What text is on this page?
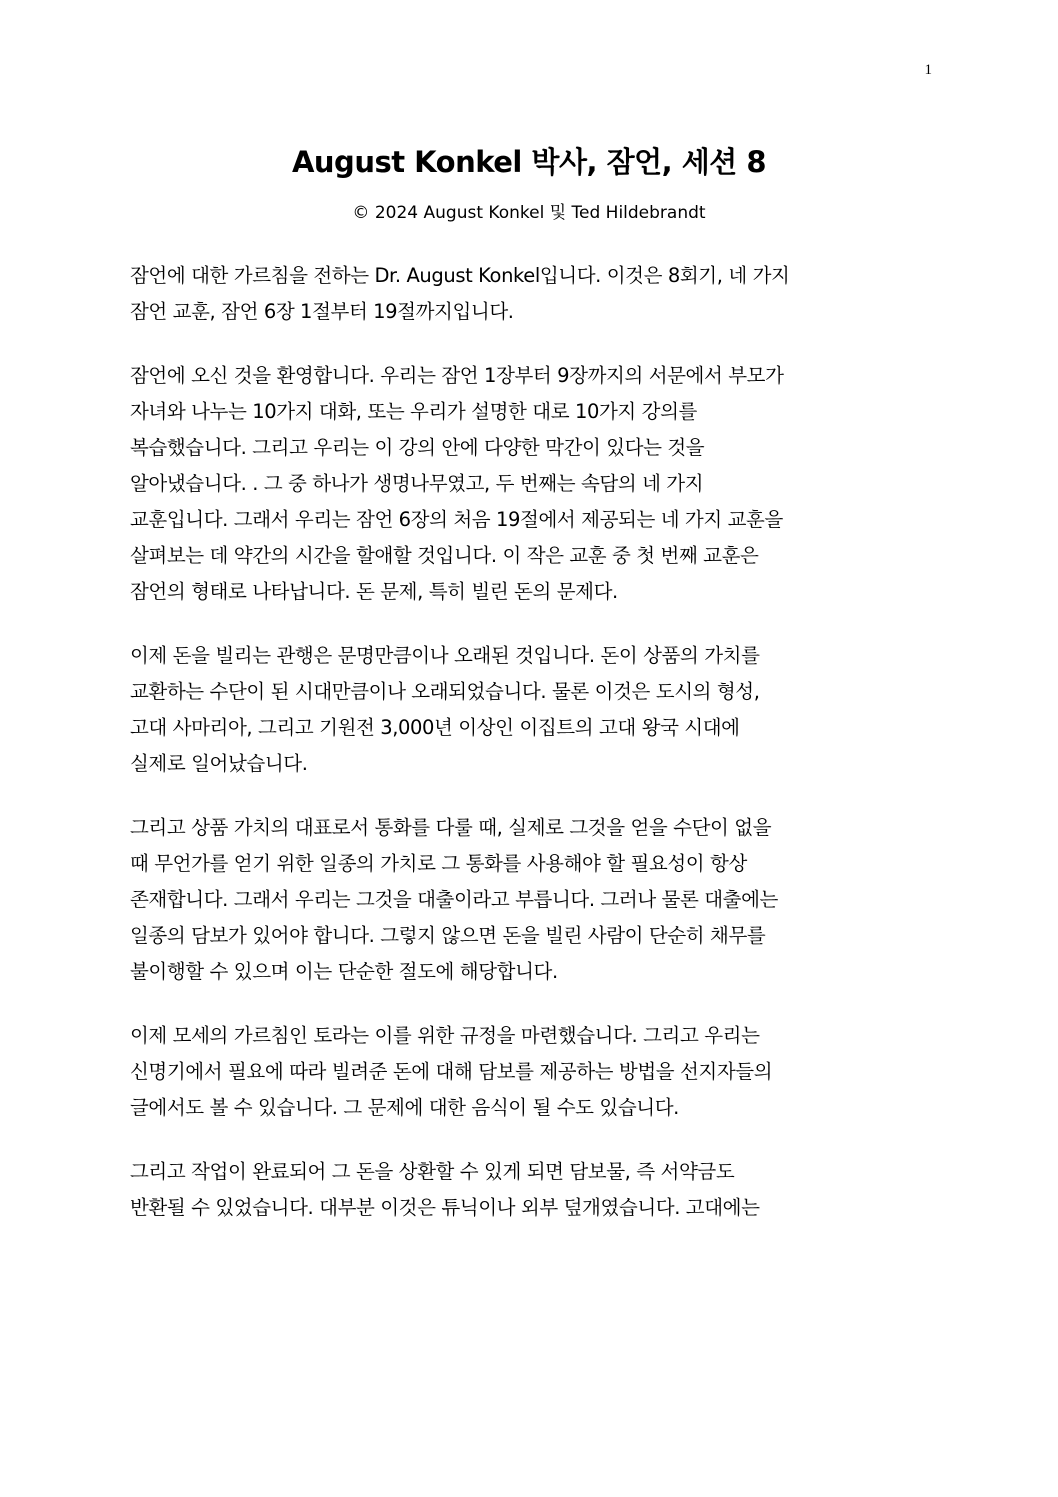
1
August Konkel 박사, 잠언, 세션 8

© 2024 August Konkel 및 Ted Hildebrandt

잠언에 대한 가르침을 전하는 Dr. August Konkel입니다. 이것은 8회기, 네 가지
잠언 교훈, 잠언 6장 1절부터 19절까지입니다.

잠언에 오신 것을 환영합니다. 우리는 잠언 1장부터 9장까지의 서문에서 부모가
자녀와 나누는 10가지 대화, 또는 우리가 설명한 대로 10가지 강의를
복습했습니다. 그리고 우리는 이 강의 안에 다양한 막간이 있다는 것을
알아냈습니다. . 그 중 하나가 생명나무였고, 두 번째는 속담의 네 가지
교훈입니다. 그래서 우리는 잠언 6장의 처음 19절에서 제공되는 네 가지 교훈을
살펴보는 데 약간의 시간을 할애할 것입니다. 이 작은 교훈 중 첫 번째 교훈은
잠언의 형태로 나타납니다. 돈 문제, 특히 빌린 돈의 문제다.

이제 돈을 빌리는 관행은 문명만큼이나 오래된 것입니다. 돈이 상품의 가치를
교환하는 수단이 된 시대만큼이나 오래되었습니다. 물론 이것은 도시의 형성,
고대 사마리아, 그리고 기원전 3,000년 이상인 이집트의 고대 왕국 시대에
실제로 일어났습니다.

그리고 상품 가치의 대표로서 통화를 다룰 때, 실제로 그것을 얻을 수단이 없을
때 무언가를 얻기 위한 일종의 가치로 그 통화를 사용해야 할 필요성이 항상
존재합니다. 그래서 우리는 그것을 대출이라고 부릅니다. 그러나 물론 대출에는
일종의 담보가 있어야 합니다. 그렇지 않으면 돈을 빌린 사람이 단순히 채무를
불이행할 수 있으며 이는 단순한 절도에 해당합니다.

이제 모세의 가르침인 토라는 이를 위한 규정을 마련했습니다. 그리고 우리는
신명기에서 필요에 따라 빌려준 돈에 대해 담보를 제공하는 방법을 선지자들의
글에서도 볼 수 있습니다. 그 문제에 대한 음식이 될 수도 있습니다.

그리고 작업이 완료되어 그 돈을 상환할 수 있게 되면 담보물, 즉 서약금도
반환될 수 있었습니다. 대부분 이것은 튜닉이나 외부 덮개였습니다. 고대에는
